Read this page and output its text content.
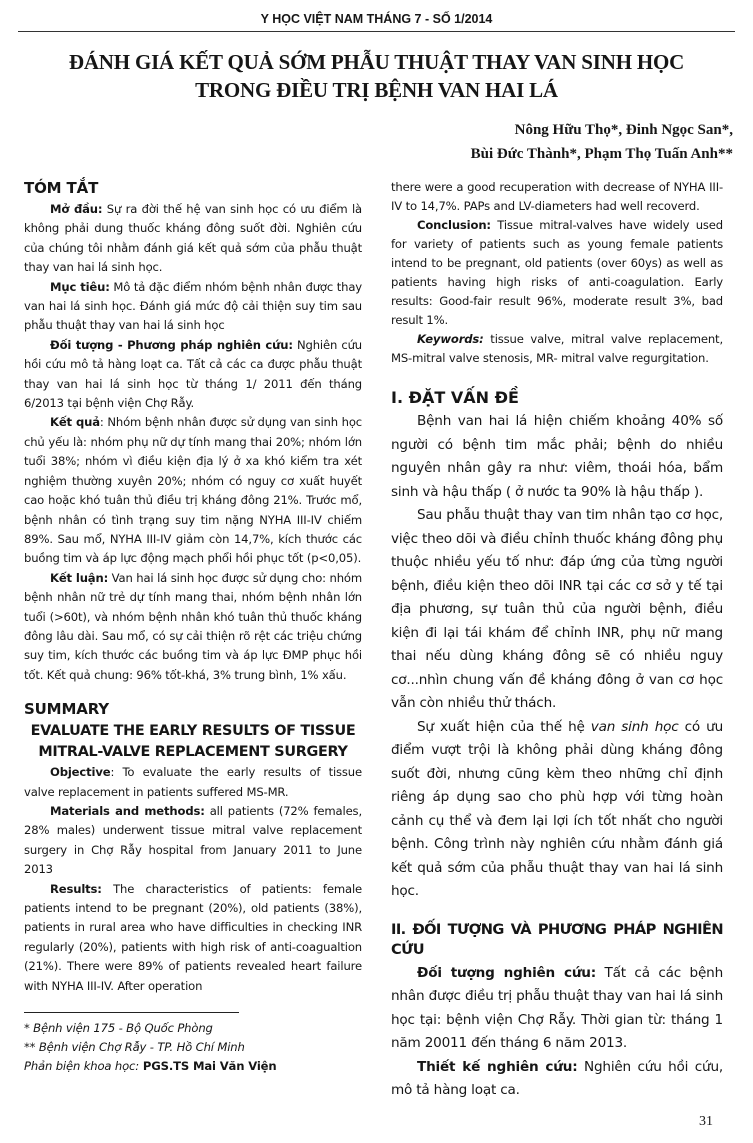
Y HỌC VIỆT NAM THÁNG 7 - SỐ 1/2014
ĐÁNH GIÁ KẾT QUẢ SỚM PHẪU THUẬT THAY VAN SINH HỌC
TRONG ĐIỀU TRỊ BỆNH VAN HAI LÁ
Nông Hữu Thọ*, Đinh Ngọc San*,
Bùi Đức Thành*, Phạm Thọ Tuấn Anh**
TÓM TẮT

Mở đầu: Sự ra đời thế hệ van sinh học có ưu điểm là không phải dung thuốc kháng đông suốt đời. Nghiên cứu của chúng tôi nhằm đánh giá kết quả sớm của phẫu thuật thay van hai lá sinh học.

Mục tiêu: Mô tả đặc điểm nhóm bệnh nhân được thay van hai lá sinh học. Đánh giá mức độ cải thiện suy tim sau phẫu thuật thay van hai lá sinh học

Đối tượng - Phương pháp nghiên cứu: Nghiên cứu hồi cứu mô tả hàng loạt ca. Tất cả các ca được phẫu thuật thay van hai lá sinh học từ tháng 1/ 2011 đến tháng 6/2013 tại bệnh viện Chợ Rẫy.

Kết quả: Nhóm bệnh nhân được sử dụng van sinh học chủ yếu là: nhóm phụ nữ dự tính mang thai 20%; nhóm lớn tuổi 38%; nhóm vì điều kiện địa lý ở xa khó kiểm tra xét nghiệm thường xuyên 20%; nhóm có nguy cơ xuất huyết cao hoặc khó tuân thủ điều trị kháng đông 21%. Trước mổ, bệnh nhân có tình trạng suy tim nặng NYHA III-IV chiếm 89%. Sau mổ, NYHA III-IV giảm còn 14,7%, kích thước các buồng tim và áp lực động mạch phổi hồi phục tốt (p<0,05).

Kết luận: Van hai lá sinh học được sử dụng cho: nhóm bệnh nhân nữ trẻ dự tính mang thai, nhóm bệnh nhân lớn tuổi (>60t), và nhóm bệnh nhân khó tuân thủ thuốc kháng đông lâu dài. Sau mổ, có sự cải thiện rõ rệt các triệu chứng suy tim, kích thước các buồng tim và áp lực ĐMP phục hồi tốt. Kết quả chung: 96% tốt-khá, 3% trung bình, 1% xấu.

SUMMARY
EVALUATE THE EARLY RESULTS OF TISSUE
MITRAL-VALVE REPLACEMENT SURGERY

Objective: To evaluate the early results of tissue valve replacement in patients suffered MS-MR.

Materials and methods: all patients (72% females, 28% males) underwent tissue mitral valve replacement surgery in Chợ Rẫy hospital from January 2011 to June 2013

Results: The characteristics of patients: female patients intend to be pregnant (20%), old patients (38%), patients in rural area who have difficulties in checking INR regularly (20%), patients with high risk of anti-coagualtion (21%). There were 89% of patients revealed heart failure with NYHA III-IV. After operation

* Bệnh viện 175 - Bộ Quốc Phòng
** Bệnh viện Chợ Rẫy - TP. Hồ Chí Minh
Phản biện khoa học: PGS.TS Mai Văn Viện

there were a good recuperation with decrease of NYHA III-IV to 14,7%. PAPs and LV-diameters had well recoverd.

Conclusion: Tissue mitral-valves have widely used for variety of patients such as young female patients intend to be pregnant, old patients (over 60ys) as well as patients having high risks of anti-coagulation. Early results: Good-fair result 96%, moderate result 3%, bad result 1%.

Keywords: tissue valve, mitral valve replacement, MS-mitral valve stenosis, MR- mitral valve regurgitation.

I. ĐẶT VẤN ĐỀ

Bệnh van hai lá hiện chiếm khoảng 40% số người có bệnh tim mắc phải; bệnh do nhiều nguyên nhân gây ra như: viêm, thoái hóa, bẩm sinh và hậu thấp ( ở nước ta 90% là hậu thấp ).

Sau phẫu thuật thay van tim nhân tạo cơ học, việc theo dõi và điều chỉnh thuốc kháng đông phụ thuộc nhiều yếu tố như: đáp ứng của từng người bệnh, điều kiện theo dõi INR tại các cơ sở y tế tại địa phương, sự tuân thủ của người bệnh, điều kiện đi lại tái khám để chỉnh INR, phụ nữ mang thai nếu dùng kháng đông sẽ có nhiều nguy cơ...nhìn chung vấn đề kháng đông ở van cơ học vẫn còn nhiều thử thách.

Sự xuất hiện của thế hệ van sinh học có ưu điểm vượt trội là không phải dùng kháng đông suốt đời, nhưng cũng kèm theo những chỉ định riêng áp dụng sao cho phù hợp với từng hoàn cảnh cụ thể và đem lại lợi ích tốt nhất cho người bệnh. Công trình này nghiên cứu nhằm đánh giá kết quả sớm của phẫu thuật thay van hai lá sinh học.

II. ĐỐI TƯỢNG VÀ PHƯƠNG PHÁP NGHIÊN CỨU

Đối tượng nghiên cứu: Tất cả các bệnh nhân được điều trị phẫu thuật thay van hai lá sinh học tại: bệnh viện Chợ Rẫy. Thời gian từ: tháng 1 năm 20011 đến tháng 6 năm 2013.

Thiết kế nghiên cứu: Nghiên cứu hồi cứu, mô tả hàng loạt ca.

31
